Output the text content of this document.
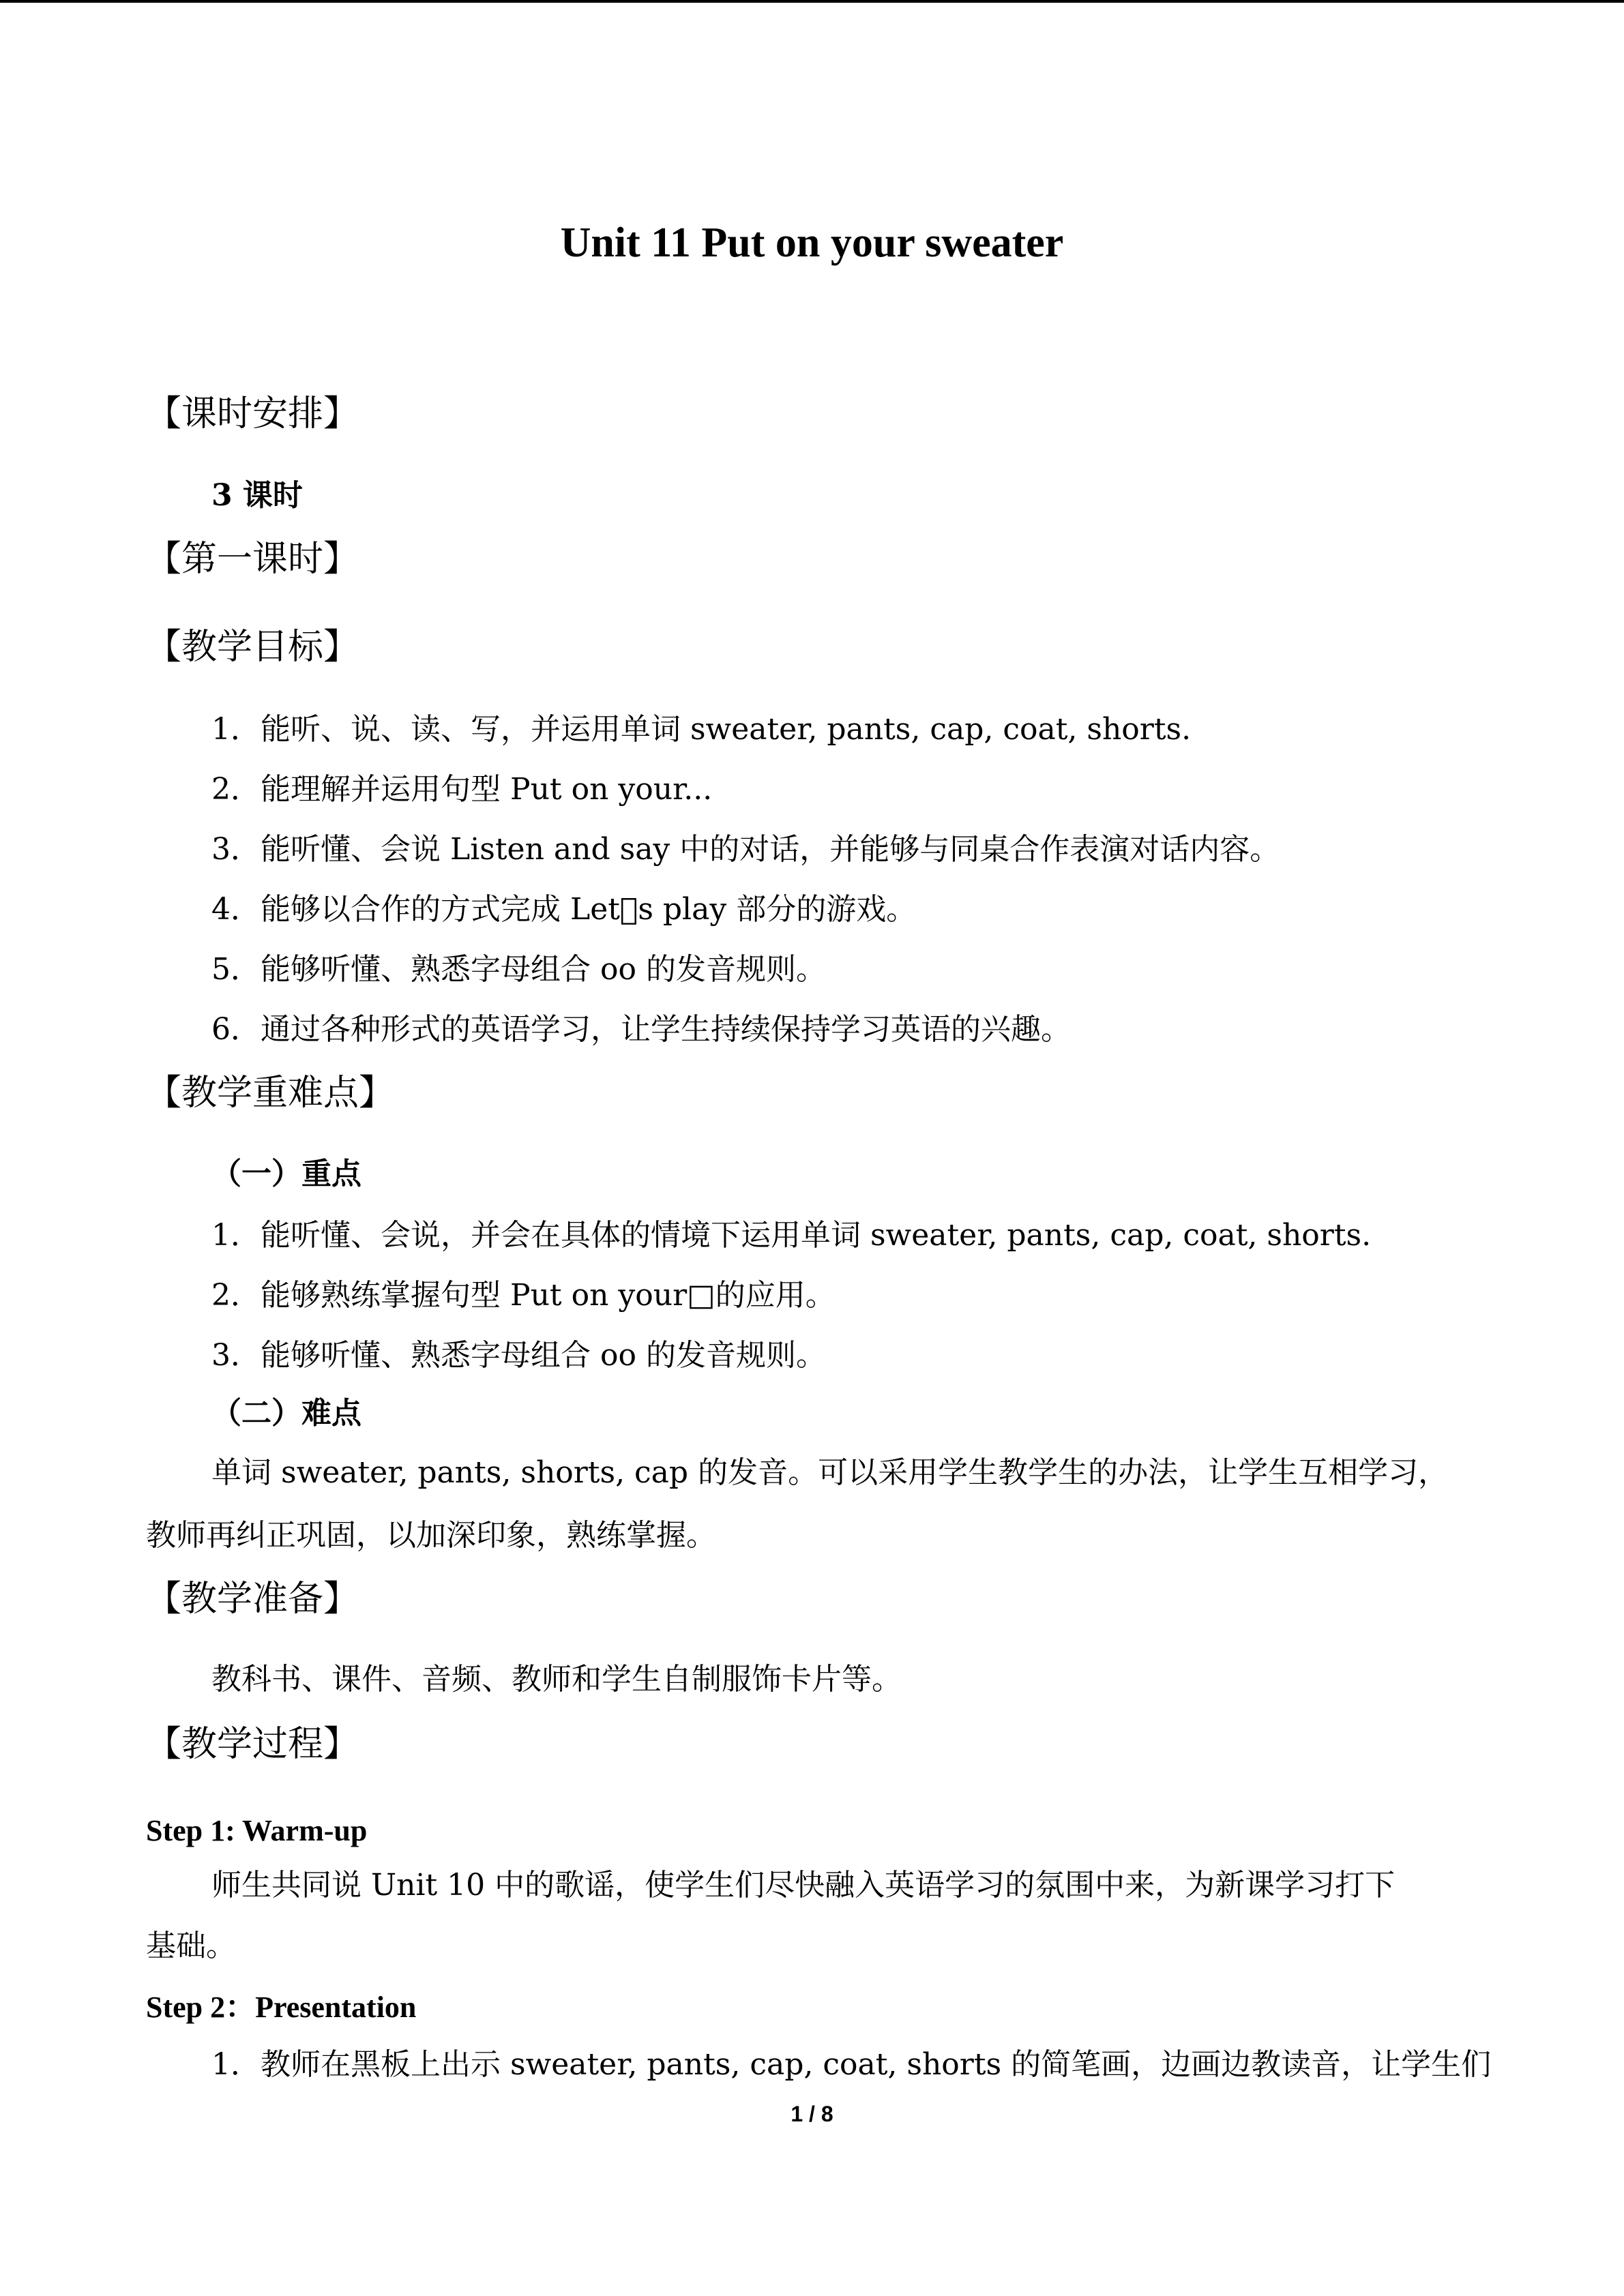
Unit 11 Put on your sweater
【课时安排】
3 课时
【第一课时】
【教学目标】
1．能听、说、读、写，并运用单词 sweater, pants, cap, coat, shorts.
2．能理解并运用句型 Put on your...
3．能听懂、会说 Listen and say 中的对话，并能够与同桌合作表演对话内容。
4．能够以合作的方式完成 Let s play 部分的游戏。
5．能够听懂、熟悉字母组合 oo 的发音规则。
6．通过各种形式的英语学习，让学生持续保持学习英语的兴趣。
【教学重难点】
（一）重点
1．能听懂、会说，并会在具体的情境下运用单词 sweater, pants, cap, coat, shorts.
2．能够熟练掌握句型 Put on your□的应用。
3．能够听懂、熟悉字母组合 oo 的发音规则。
（二）难点
单词 sweater, pants, shorts, cap 的发音。可以采用学生教学生的办法，让学生互相学习，
教师再纠正巩固，以加深印象，熟练掌握。
【教学准备】
教科书、课件、音频、教师和学生自制服饰卡片等。
【教学过程】
Step 1: Warm-up
师生共同说 Unit 10 中的歌谣，使学生们尽快融入英语学习的氛围中来，为新课学习打下
基础。
Step 2：Presentation
1．教师在黑板上出示 sweater, pants, cap, coat, shorts 的简笔画，边画边教读音，让学生们
1 / 8
